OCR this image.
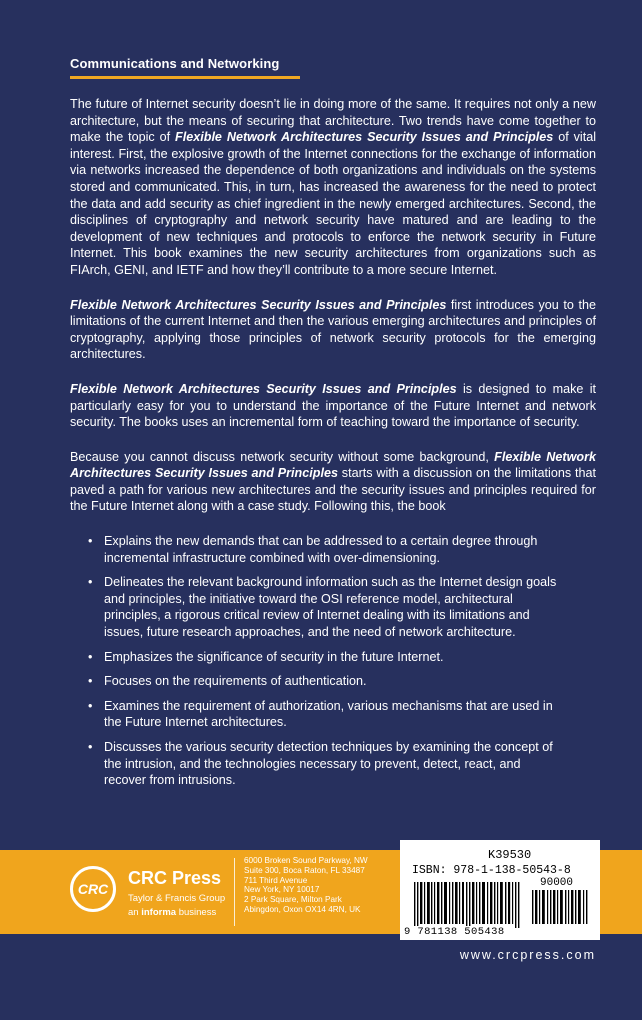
Communications and Networking

The future of Internet security doesn’t lie in doing more of the same. It requires not only a new architecture, but the means of securing that architecture. Two trends have come together to make the topic of Flexible Network Architectures Security Issues and Principles of vital interest. First, the explosive growth of the Internet connections for the exchange of information via networks increased the dependence of both organizations and individuals on the systems stored and communicated. This, in turn, has increased the awareness for the need to protect the data and add security as chief ingredient in the newly emerged architectures. Second, the disciplines of cryptography and network security have matured and are leading to the development of new techniques and protocols to enforce the network security in Future Internet. This book examines the new security architectures from organizations such as FIArch, GENI, and IETF and how they’ll contribute to a more secure Internet.

Flexible Network Architectures Security Issues and Principles first introduces you to the limitations of the current Internet and then the various emerging architectures and principles of cryptography, applying those principles of network security protocols for the emerging architectures.

Flexible Network Architectures Security Issues and Principles is designed to make it particularly easy for you to understand the importance of the Future Internet and network security. The books uses an incremental form of teaching toward the importance of security.

Because you cannot discuss network security without some background, Flexible Network Architectures Security Issues and Principles starts with a discussion on the limitations that paved a path for various new architectures and the security issues and principles required for the Future Internet along with a case study. Following this, the book

• Explains the new demands that can be addressed to a certain degree through incremental infrastructure combined with over-dimensioning.
• Delineates the relevant background information such as the Internet design goals and principles, the initiative toward the OSI reference model, architectural principles, a rigorous critical review of Internet dealing with its limitations and issues, future research approaches, and the need of network architecture.
• Emphasizes the significance of security in the future Internet.
• Focuses on the requirements of authentication.
• Examines the requirement of authorization, various mechanisms that are used in the Future Internet architectures.
• Discusses the various security detection techniques by examining the concept of the intrusion, and the technologies necessary to prevent, detect, react, and recover from intrusions.
CRC
CRC Press
Taylor & Francis Group
an informa business
6000 Broken Sound Parkway, NW
Suite 300, Boca Raton, FL 33487
711 Third Avenue
New York, NY 10017
2 Park Square, Milton Park
Abingdon, Oxon OX14 4RN, UK
K39530
ISBN: 978-1-138-50543-8
90000
9 781138 505438
www.crcpress.com
